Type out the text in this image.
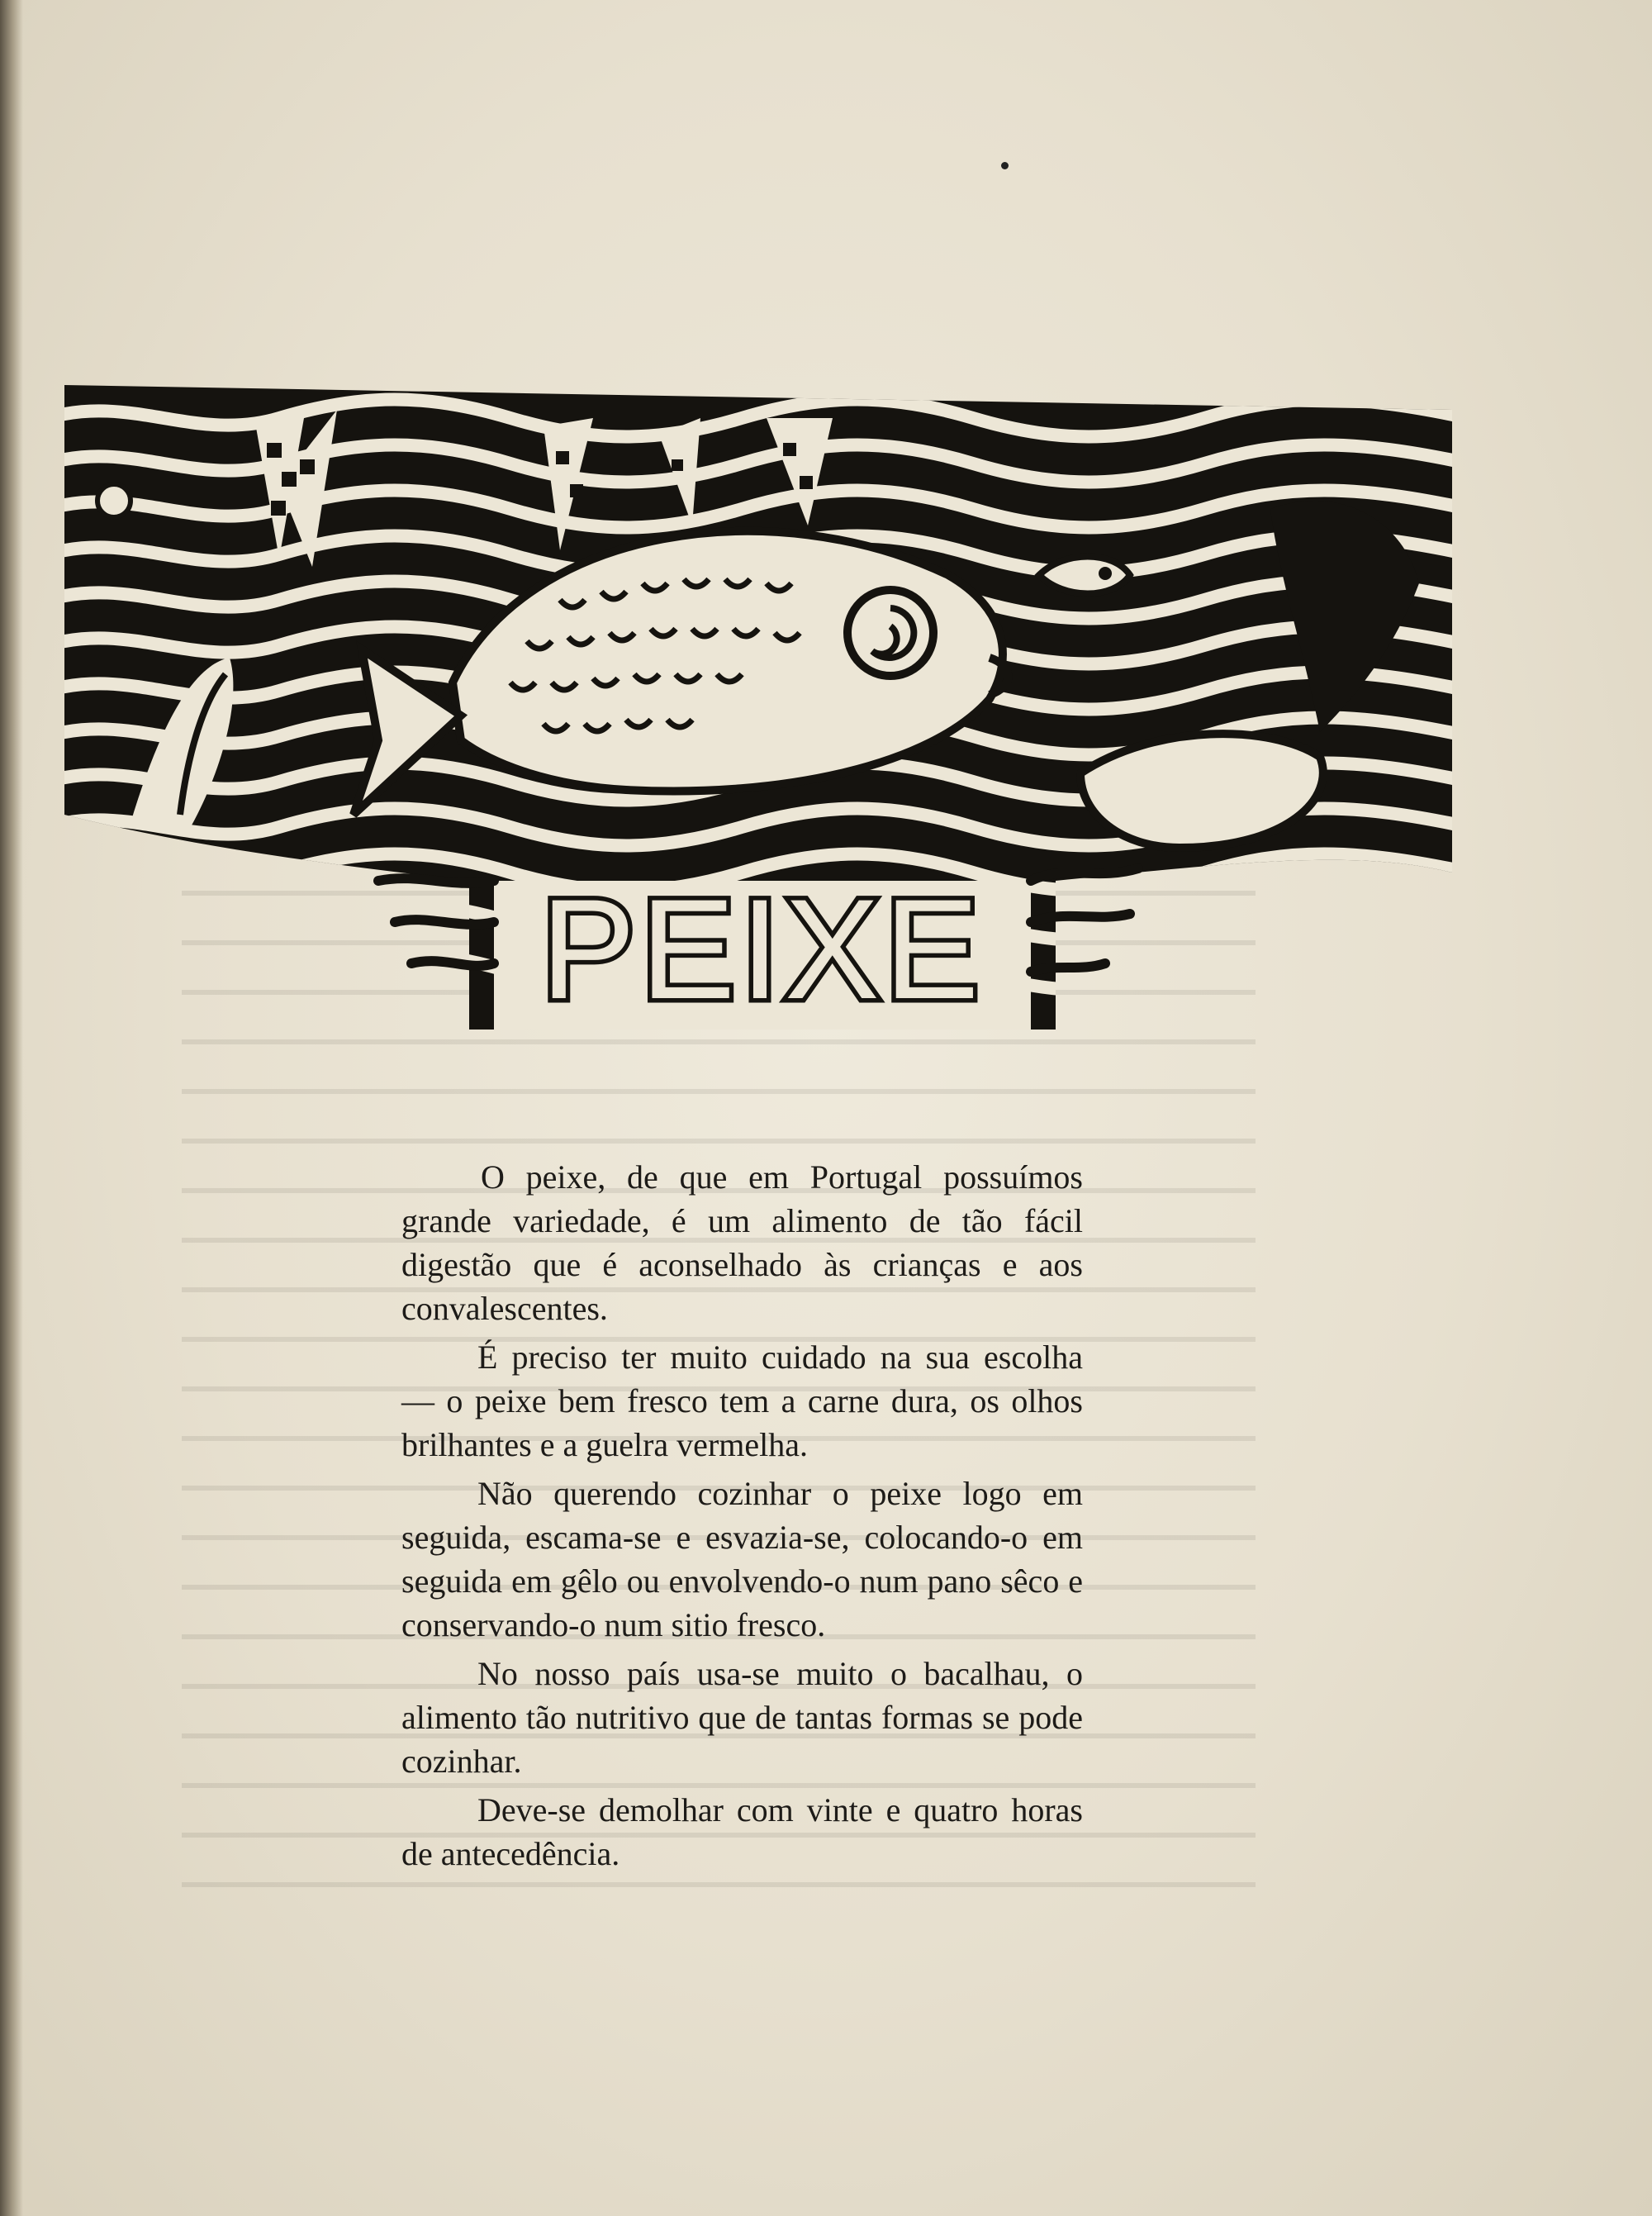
PEIXE

O peixe, de que em Portugal possuímos grande variedade, é um alimento de tão fácil digestão que é aconselhado às crianças e aos convalescentes.

É preciso ter muito cuidado na sua escolha — o peixe bem fresco tem a carne dura, os olhos brilhantes e a guelra vermelha.

Não querendo cozinhar o peixe logo em seguida, escama-se e esvazia-se, colocando-o em seguida em gêlo ou envolvendo-o num pano sêco e conservando-o num sitio fresco.

No nosso país usa-se muito o bacalhau, o alimento tão nutritivo que de tantas formas se pode cozinhar.

Deve-se demolhar com vinte e quatro horas de antecedência.
